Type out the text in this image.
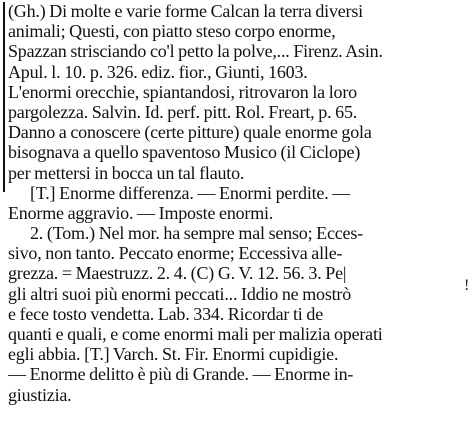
(Gh.) Di molte e varie forme Calcan la terra diversi
animali; Questi, con piatto steso corpo enorme,
Spazzan strisciando co'l petto la polve,... Firenz. Asin.
Apul. l. 10. p. 326. ediz. fior., Giunti, 1603.
L'enormi orecchie, spiantandosi, ritrovaron la loro
pargolezza. Salvin. Id. perf. pitt. Rol. Freart, p. 65.
Danno a conoscere (certe pitture) quale enorme gola
bisognava a quello spaventoso Musico (il Ciclope)
per mettersi in bocca un tal flauto.
[T.] Enorme differenza. — Enormi perdite. —
Enorme aggravio. — Imposte enormi.
2. (Tom.) Nel mor. ha sempre mal senso; Ecces-
sivo, non tanto. Peccato enorme; Eccessiva alle-
grezza. = Maestruzz. 2. 4. (C) G. V. 12. 56. 3. Pe|
gli altri suoi più enormi peccati... Iddio ne mostrò
e fece tosto vendetta. Lab. 334. Ricordar ti de
quanti e quali, e come enormi mali per malizia operati
egli abbia. [T.] Varch. St. Fir. Enormi cupidigie.
— Enorme delitto è più di Grande. — Enorme in-
giustizia.
!
